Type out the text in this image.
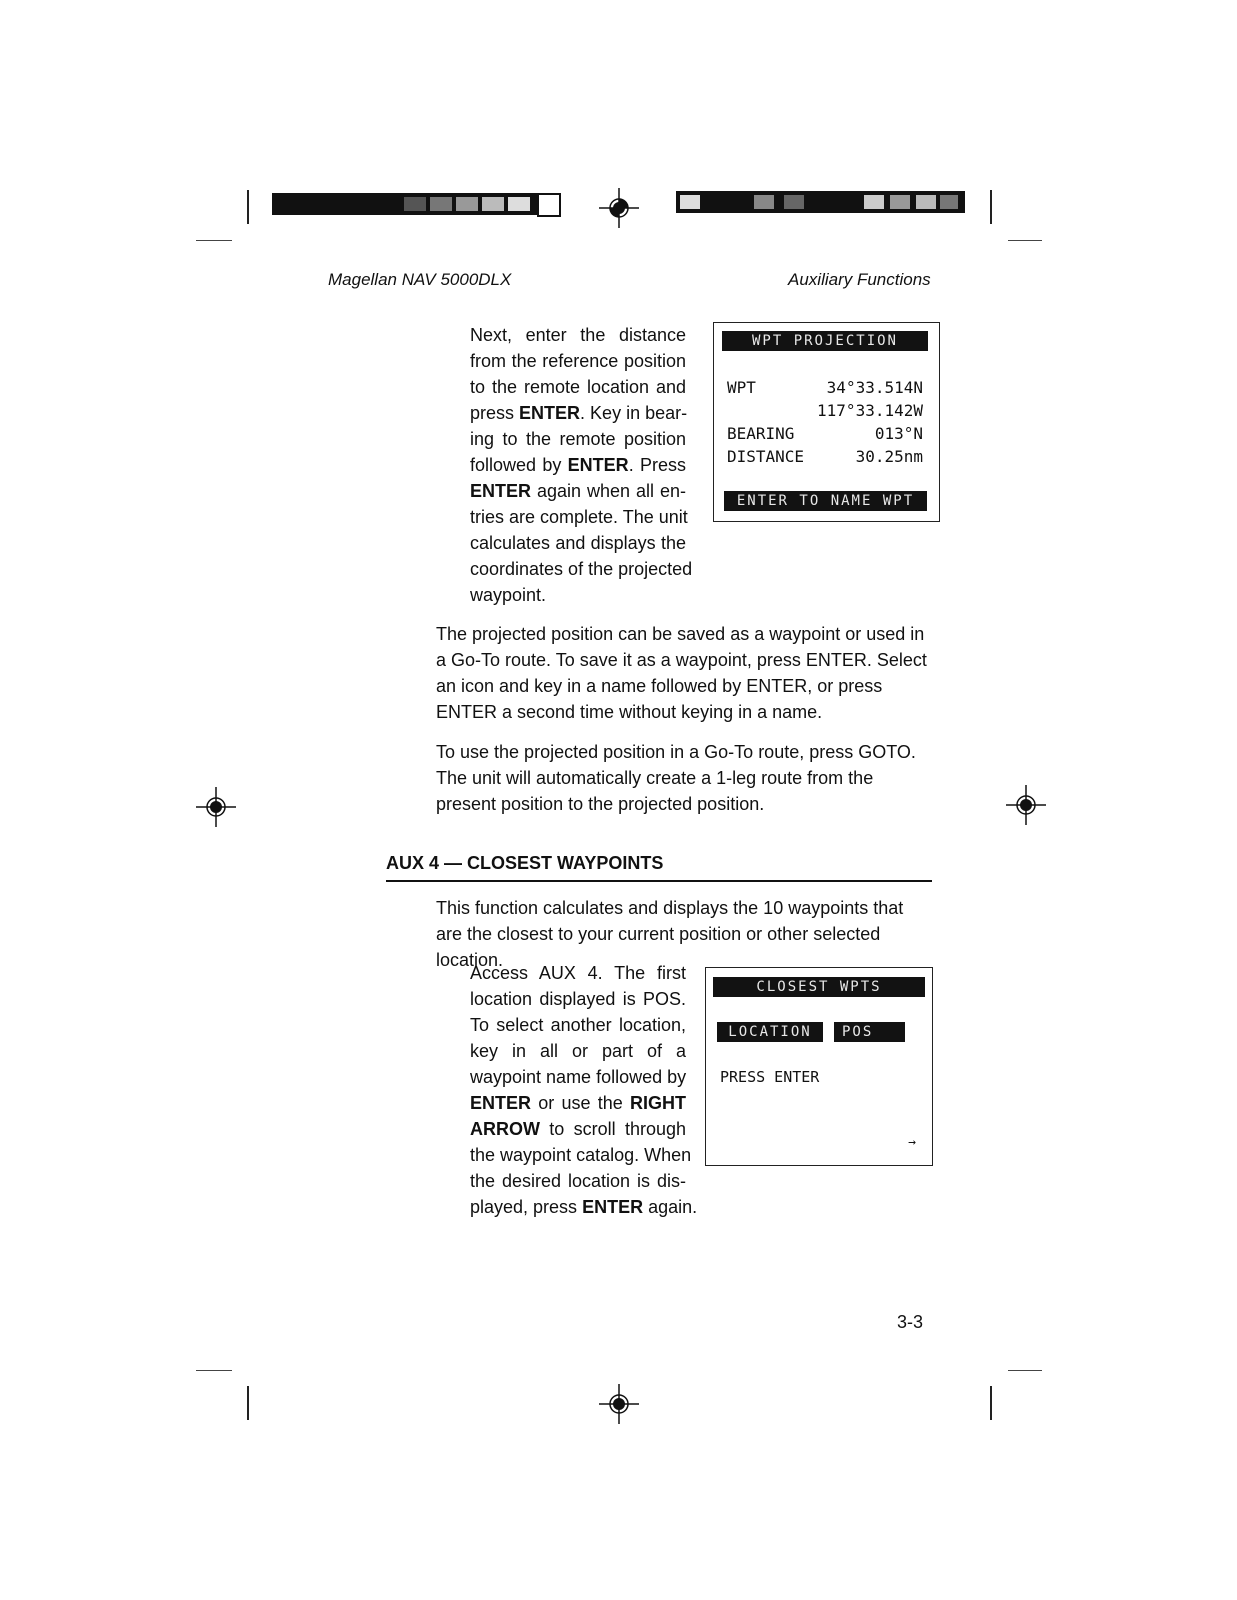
Magellan NAV 5000DLX	Auxiliary Functions
Next, enter the distance
from the reference position
to the remote location and
press ENTER. Key in bear-
ing to the remote position
followed by ENTER. Press
ENTER again when all en-
tries are complete. The unit
calculates and displays the
coordinates of the projected
waypoint.
WPT PROJECTION
WPT	34°33.514N
117°33.142W
BEARING	013°N
DISTANCE	30.25nm
ENTER TO NAME WPT

The projected position can be saved as a waypoint or used in a Go-To route. To save it as a waypoint, press ENTER. Select an icon and key in a name followed by ENTER, or press ENTER a second time without keying in a name.

To use the projected position in a Go-To route, press GOTO. The unit will automatically create a 1-leg route from the present position to the projected position.

AUX 4 — CLOSEST WAYPOINTS

This function calculates and displays the 10 waypoints that are the closest to your current position or other selected location.

Access AUX 4. The first
location displayed is POS.
To select another location,
key in all or part of a
waypoint name followed by
ENTER or use the RIGHT
ARROW to scroll through
the waypoint catalog. When
the desired location is dis-
played, press ENTER again.
CLOSEST WPTS
LOCATION	POS
PRESS ENTER
→
3-3
